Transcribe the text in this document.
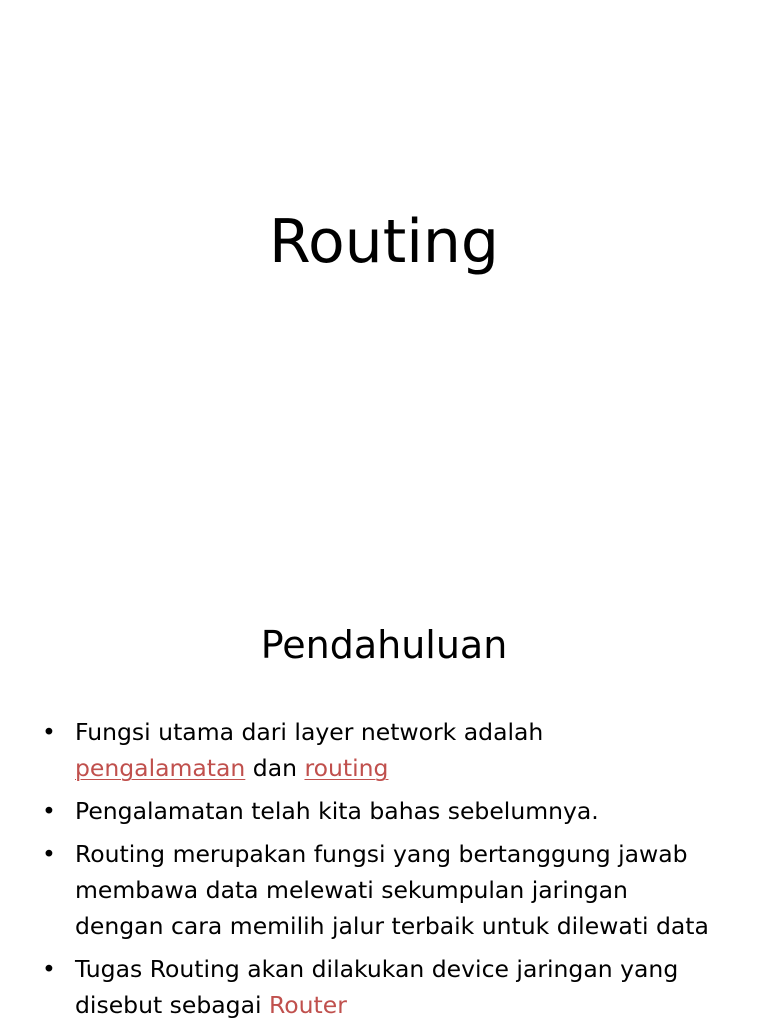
Routing
Pendahuluan
• Fungsi utama dari layer network adalah
pengalamatan dan routing
• Pengalamatan telah kita bahas sebelumnya.
• Routing merupakan fungsi yang bertanggung jawab
membawa data melewati sekumpulan jaringan
dengan cara memilih jalur terbaik untuk dilewati data
• Tugas Routing akan dilakukan device jaringan yang
disebut sebagai Router
